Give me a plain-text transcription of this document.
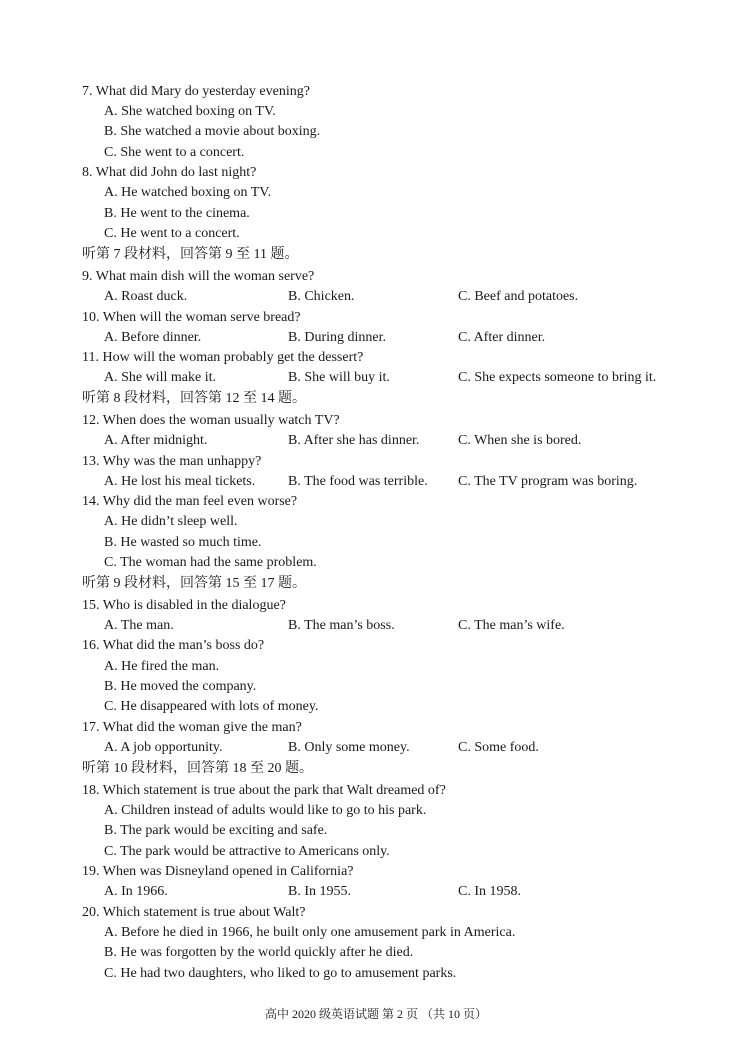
7. What did Mary do yesterday evening?
A. She watched boxing on TV.
B. She watched a movie about boxing.
C. She went to a concert.
8. What did John do last night?
A. He watched boxing on TV.
B. He went to the cinema.
C. He went to a concert.
听第 7 段材料，回答第 9 至 11 题。
9. What main dish will the woman serve?
A. Roast duck.	B. Chicken.	C. Beef and potatoes.
10. When will the woman serve bread?
A. Before dinner.	B. During dinner.	C. After dinner.
11. How will the woman probably get the dessert?
A. She will make it.	B. She will buy it.	C. She expects someone to bring it.
听第 8 段材料，回答第 12 至 14 题。
12. When does the woman usually watch TV?
A. After midnight.	B. After she has dinner.	C. When she is bored.
13. Why was the man unhappy?
A. He lost his meal tickets. B. The food was terrible. C. The TV program was boring.
14. Why did the man feel even worse?
A. He didn’t sleep well.
B. He wasted so much time.
C. The woman had the same problem.
听第 9 段材料，回答第 15 至 17 题。
15. Who is disabled in the dialogue?
A. The man.	B. The man’s boss.	C. The man’s wife.
16. What did the man’s boss do?
A. He fired the man.
B. He moved the company.
C. He disappeared with lots of money.
17. What did the woman give the man?
A. A job opportunity.	B. Only some money.	C. Some food.
听第 10 段材料，回答第 18 至 20 题。
18. Which statement is true about the park that Walt dreamed of?
A. Children instead of adults would like to go to his park.
B. The park would be exciting and safe.
C. The park would be attractive to Americans only.
19. When was Disneyland opened in California?
A. In 1966.	B. In 1955.	C. In 1958.
20. Which statement is true about Walt?
A. Before he died in 1966, he built only one amusement park in America.
B. He was forgotten by the world quickly after he died.
C. He had two daughters, who liked to go to amusement parks.
高中 2020 级英语试题 第 2 页 （共 10 页）
